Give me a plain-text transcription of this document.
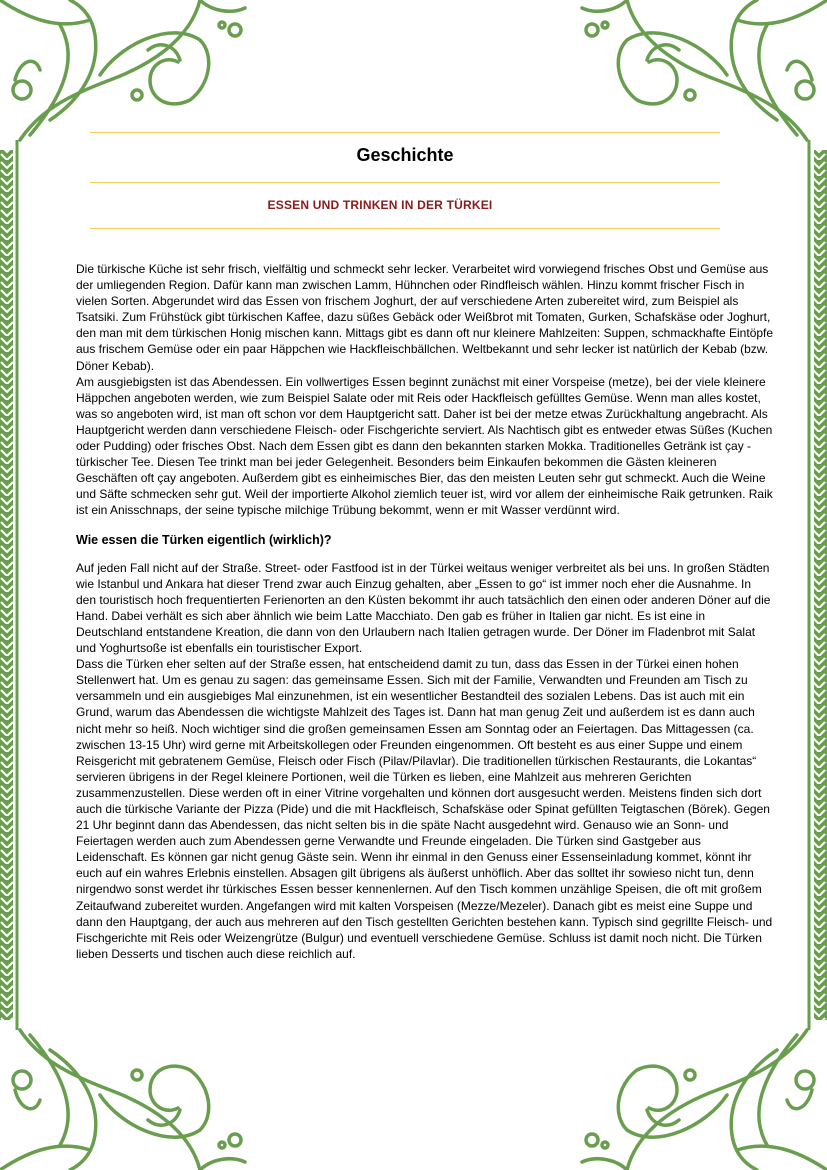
Geschichte
ESSEN UND TRINKEN IN DER TÜRKEI

Die türkische Küche ist sehr frisch, vielfältig und schmeckt sehr lecker. Verarbeitet wird vorwiegend frisches Obst und Gemüse aus der umliegenden Region. Dafür kann man zwischen Lamm, Hühnchen oder Rindfleisch wählen. Hinzu kommt frischer Fisch in vielen Sorten. Abgerundet wird das Essen von frischem Joghurt, der auf verschiedene Arten zubereitet wird, zum Beispiel als Tsatsiki. Zum Frühstück gibt türkischen Kaffee, dazu süßes Gebäck oder Weißbrot mit Tomaten, Gurken, Schafskäse oder Joghurt, den man mit dem türkischen Honig mischen kann. Mittags gibt es dann oft nur kleinere Mahlzeiten: Suppen, schmackhafte Eintöpfe aus frischem Gemüse oder ein paar Häppchen wie Hackfleischbällchen. Weltbekannt und sehr lecker ist natürlich der Kebab (bzw. Döner Kebab).

Am ausgiebigsten ist das Abendessen. Ein vollwertiges Essen beginnt zunächst mit einer Vorspeise (metze), bei der viele kleinere Häppchen angeboten werden, wie zum Beispiel Salate oder mit Reis oder Hackfleisch gefülltes Gemüse. Wenn man alles kostet, was so angeboten wird, ist man oft schon vor dem Hauptgericht satt. Daher ist bei der metze etwas Zurückhaltung angebracht. Als Hauptgericht werden dann verschiedene Fleisch- oder Fischgerichte serviert. Als Nachtisch gibt es entweder etwas Süßes (Kuchen oder Pudding) oder frisches Obst. Nach dem Essen gibt es dann den bekannten starken Mokka. Traditionelles Getränk ist çay - türkischer Tee. Diesen Tee trinkt man bei jeder Gelegenheit. Besonders beim Einkaufen bekommen die Gästen kleineren Geschäften oft çay angeboten. Außerdem gibt es einheimisches Bier, das den meisten Leuten sehr gut schmeckt. Auch die Weine und Säfte schmecken sehr gut. Weil der importierte Alkohol ziemlich teuer ist, wird vor allem der einheimische Raik getrunken. Raik ist ein Anisschnaps, der seine typische milchige Trübung bekommt, wenn er mit Wasser verdünnt wird.

Wie essen die Türken eigentlich (wirklich)?

Auf jeden Fall nicht auf der Straße. Street- oder Fastfood ist in der Türkei weitaus weniger verbreitet als bei uns. In großen Städten wie Istanbul und Ankara hat dieser Trend zwar auch Einzug gehalten, aber „Essen to go“ ist immer noch eher die Ausnahme. In den touristisch hoch frequentierten Ferienorten an den Küsten bekommt ihr auch tatsächlich den einen oder anderen Döner auf die Hand. Dabei verhält es sich aber ähnlich wie beim Latte Macchiato. Den gab es früher in Italien gar nicht. Es ist eine in Deutschland entstandene Kreation, die dann von den Urlaubern nach Italien getragen wurde. Der Döner im Fladenbrot mit Salat und Yoghurtsoße ist ebenfalls ein touristischer Export.

Dass die Türken eher selten auf der Straße essen, hat entscheidend damit zu tun, dass das Essen in der Türkei einen hohen Stellenwert hat. Um es genau zu sagen: das gemeinsame Essen. Sich mit der Familie, Verwandten und Freunden am Tisch zu versammeln und ein ausgiebiges Mal einzunehmen, ist ein wesentlicher Bestandteil des sozialen Lebens. Das ist auch mit ein Grund, warum das Abendessen die wichtigste Mahlzeit des Tages ist. Dann hat man genug Zeit und außerdem ist es dann auch nicht mehr so heiß. Noch wichtiger sind die großen gemeinsamen Essen am Sonntag oder an Feiertagen. Das Mittagessen (ca. zwischen 13-15 Uhr) wird gerne mit Arbeitskollegen oder Freunden eingenommen. Oft besteht es aus einer Suppe und einem Reisgericht mit gebratenem Gemüse, Fleisch oder Fisch (Pilav/Pilavlar). Die traditionellen türkischen Restaurants, die Lokantas“ servieren übrigens in der Regel kleinere Portionen, weil die Türken es lieben, eine Mahlzeit aus mehreren Gerichten zusammenzustellen. Diese werden oft in einer Vitrine vorgehalten und können dort ausgesucht werden. Meistens finden sich dort auch die türkische Variante der Pizza (Pide) und die mit Hackfleisch, Schafskäse oder Spinat gefüllten Teigtaschen (Börek). Gegen 21 Uhr beginnt dann das Abendessen, das nicht selten bis in die späte Nacht ausgedehnt wird. Genauso wie an Sonn- und Feiertagen werden auch zum Abendessen gerne Verwandte und Freunde eingeladen. Die Türken sind Gastgeber aus Leidenschaft. Es können gar nicht genug Gäste sein. Wenn ihr einmal in den Genuss einer Essenseinladung kommet, könnt ihr euch auf ein wahres Erlebnis einstellen. Absagen gilt übrigens als äußerst unhöflich. Aber das solltet ihr sowieso nicht tun, denn nirgendwo sonst werdet ihr türkisches Essen besser kennenlernen. Auf den Tisch kommen unzählige Speisen, die oft mit großem Zeitaufwand zubereitet wurden. Angefangen wird mit kalten Vorspeisen (Mezze/Mezeler). Danach gibt es meist eine Suppe und dann den Hauptgang, der auch aus mehreren auf den Tisch gestellten Gerichten bestehen kann. Typisch sind gegrillte Fleisch- und Fischgerichte mit Reis oder Weizengrütze (Bulgur) und eventuell verschiedene Gemüse. Schluss ist damit noch nicht. Die Türken lieben Desserts und tischen auch diese reichlich auf.
